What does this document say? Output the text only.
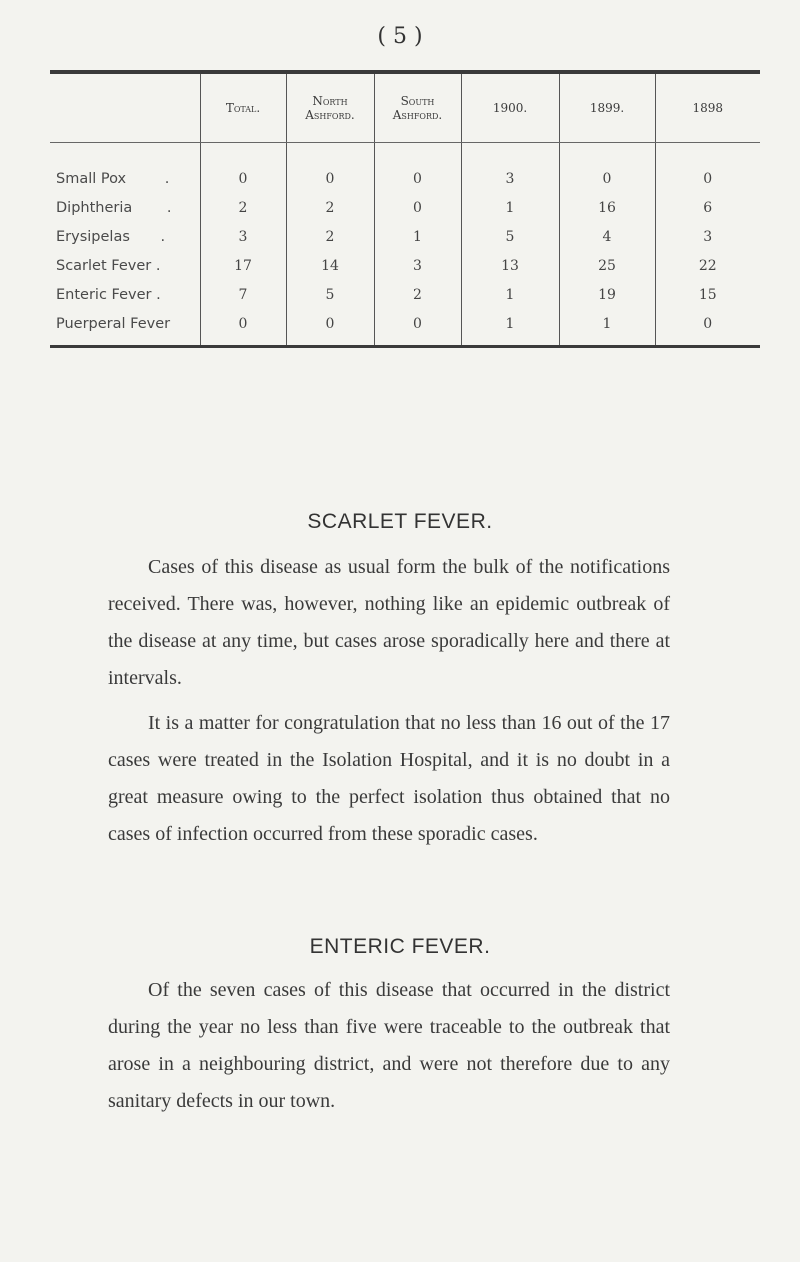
( 5 )
	Total.	North Ashford.	South Ashford.	1900.	1899.	1898
Small Pox .	0	0	0	3	0	0
Diphtheria .	2	2	0	1	16	6
Erysipelas .	3	2	1	5	4	3
Scarlet Fever .	17	14	3	13	25	22
Enteric Fever .	7	5	2	1	19	15
Puerperal Fever	0	0	0	1	1	0
SCARLET FEVER.

Cases of this disease as usual form the bulk of the notifications received. There was, however, nothing like an epidemic outbreak of the disease at any time, but cases arose sporadically here and there at intervals.

It is a matter for congratulation that no less than 16 out of the 17 cases were treated in the Isolation Hospital, and it is no doubt in a great measure owing to the perfect isolation thus obtained that no cases of infection occurred from these sporadic cases.

ENTERIC FEVER.

Of the seven cases of this disease that occurred in the district during the year no less than five were traceable to the outbreak that arose in a neighbouring district, and were not therefore due to any sanitary defects in our town.
